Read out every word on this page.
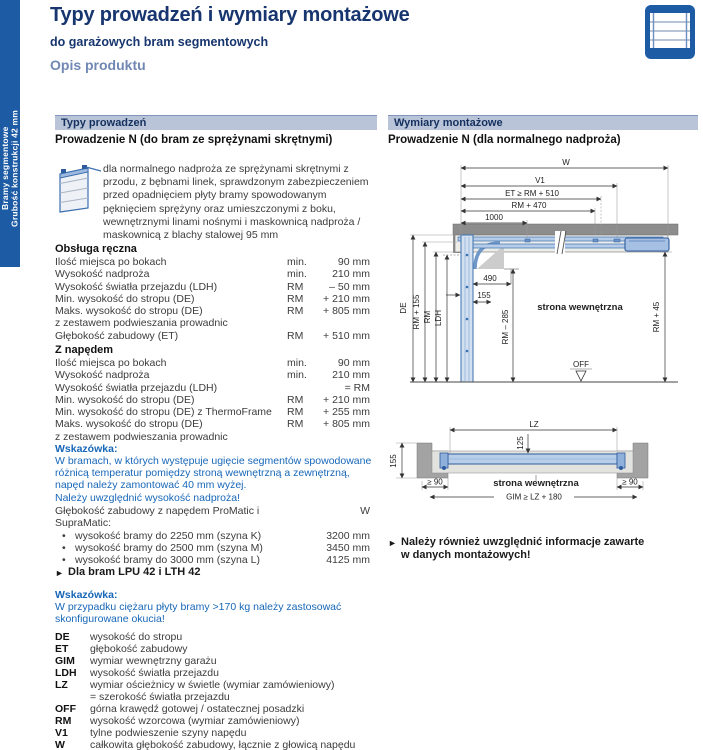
Bramy segmentowe Grubość konstrukcji 42 mm
Typy prowadzeń i wymiary montażowe
do garażowych bram segmentowych
Opis produktu
Typy prowadzeń	Wymiary montażowe
Prowadzenie N (do bram ze sprężynami skrętnymi)	Prowadzenie N (dla normalnego nadproża)
dla normalnego nadproża ze sprężynami skrętnymi z przodu, z bębnami linek, sprawdzonym zabezpieczeniem przed opadnięciem płyty bramy spowodowanym pęknięciem sprężyny oraz umieszczonymi z boku, wewnętrznymi linami nośnymi i maskownicą nadproża / maskownicą z blachy stalowej 95 mm
Obsługa ręczna
Ilość miejsca po bokach	min.	90 mm
Wysokość nadproża	min.	210 mm
Wysokość światła przejazdu (LDH)	RM	– 50 mm
Min. wysokość do stropu (DE)	RM	+ 210 mm
Maks. wysokość do stropu (DE)	RM	+ 805 mm
z zestawem podwieszania prowadnic
Głębokość zabudowy (ET)	RM	+ 510 mm
Z napędem
Ilość miejsca po bokach	min.	90 mm
Wysokość nadproża	min.	210 mm
Wysokość światła przejazdu (LDH)	= RM
Min. wysokość do stropu (DE)	RM	+ 210 mm
Min. wysokość do stropu (DE) z ThermoFrame	RM	+ 255 mm
Maks. wysokość do stropu (DE)	RM	+ 805 mm
z zestawem podwieszania prowadnic
Wskazówka:
W bramach, w których występuje ugięcie segmentów spowodowane różnicą temperatur pomiędzy stroną wewnętrzną a zewnętrzną, napęd należy zamontować 40 mm wyżej.
Należy uwzględnić wysokość nadproża!
Głębokość zabudowy z napędem ProMatic i SupraMatic:
W
• wysokość bramy do 2250 mm (szyna K)	3200 mm
• wysokość bramy do 2500 mm (szyna M)	3450 mm
• wysokość bramy do 3000 mm (szyna L)	4125 mm
► Dla bram LPU 42 i LTH 42
Wskazówka:
W przypadku ciężaru płyty bramy >170 kg należy zastosować skonfigurowane okucia!
DE	wysokość do stropu
ET	głębokość zabudowy
GIM	wymiar wewnętrzny garażu
LDH	wysokość światła przejazdu
LZ	wymiar ościeżnicy w świetle (wymiar zamówieniowy)
= szerokość światła przejazdu
OFF	górna krawędź gotowej / ostatecznej posadzki
RM	wysokość wzorcowa (wymiar zamówieniowy)
V1	tylne podwieszenie szyny napędu
W	całkowita głębokość zabudowy, łącznie z głowicą napędu
W
V1
ET ≥ RM + 510
RM + 470
1000
DE RM + 155 RM LDH
490
155
RM – 285
strona wewnętrzna
OFF
RM + 45
LZ
125
155
≥ 90	≥ 90
strona wewnętrzna
GIM ≥ LZ + 180
► Należy również uwzględnić informacje zawarte
w danych montażowych!
